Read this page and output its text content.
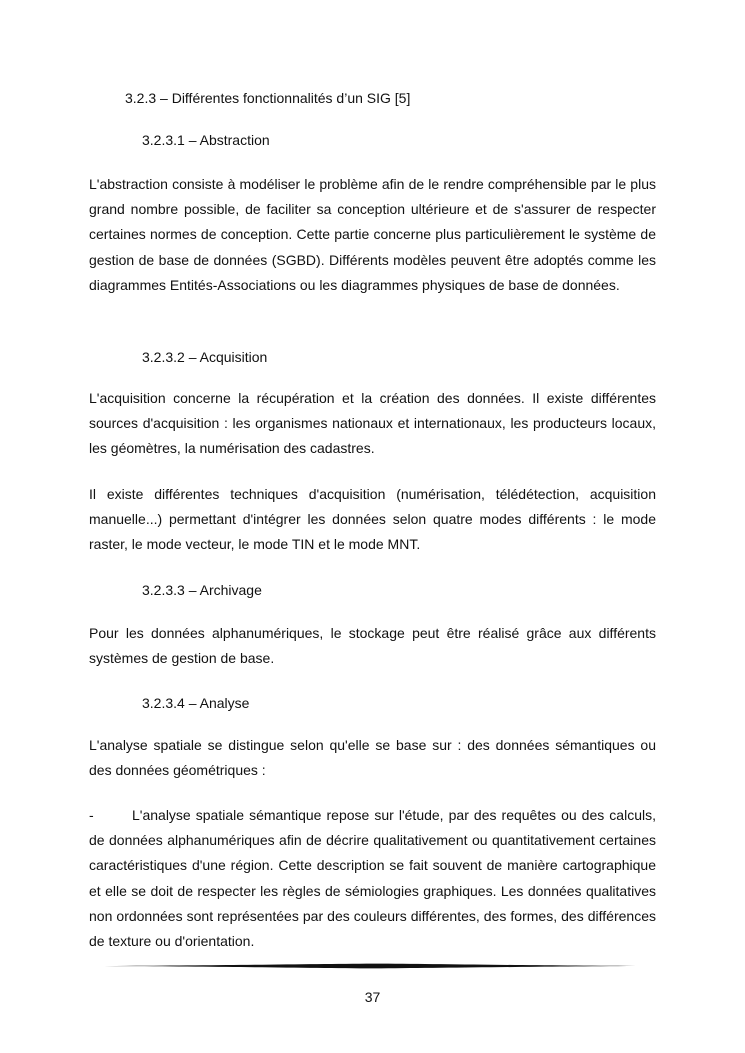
3.2.3 – Différentes fonctionnalités d’un SIG [5]
3.2.3.1 – Abstraction

L'abstraction consiste à modéliser le problème afin de le rendre compréhensible par le plus grand nombre possible, de faciliter sa conception ultérieure et de s'assurer de respecter certaines normes de conception. Cette partie concerne plus particulièrement le système de gestion de base de données (SGBD). Différents modèles peuvent être adoptés comme les diagrammes Entités-Associations ou les diagrammes physiques de base de données.

3.2.3.2 – Acquisition

L'acquisition concerne la récupération et la création des données. Il existe différentes sources d'acquisition : les organismes nationaux et internationaux, les producteurs locaux, les géomètres, la numérisation des cadastres.

Il existe différentes techniques d'acquisition (numérisation, télédétection, acquisition manuelle...) permettant d'intégrer les données selon quatre modes différents : le mode raster, le mode vecteur, le mode TIN et le mode MNT.

3.2.3.3 – Archivage

Pour les données alphanumériques, le stockage peut être réalisé grâce aux différents systèmes de gestion de base.

3.2.3.4 – Analyse

L'analyse spatiale se distingue selon qu'elle se base sur : des données sémantiques ou des données géométriques :

-	L'analyse spatiale sémantique repose sur l'étude, par des requêtes ou des calculs, de données alphanumériques afin de décrire qualitativement ou quantitativement certaines caractéristiques d'une région. Cette description se fait souvent de manière cartographique et elle se doit de respecter les règles de sémiologies graphiques. Les données qualitatives non ordonnées sont représentées par des couleurs différentes, des formes, des différences de texture ou d'orientation.

37
